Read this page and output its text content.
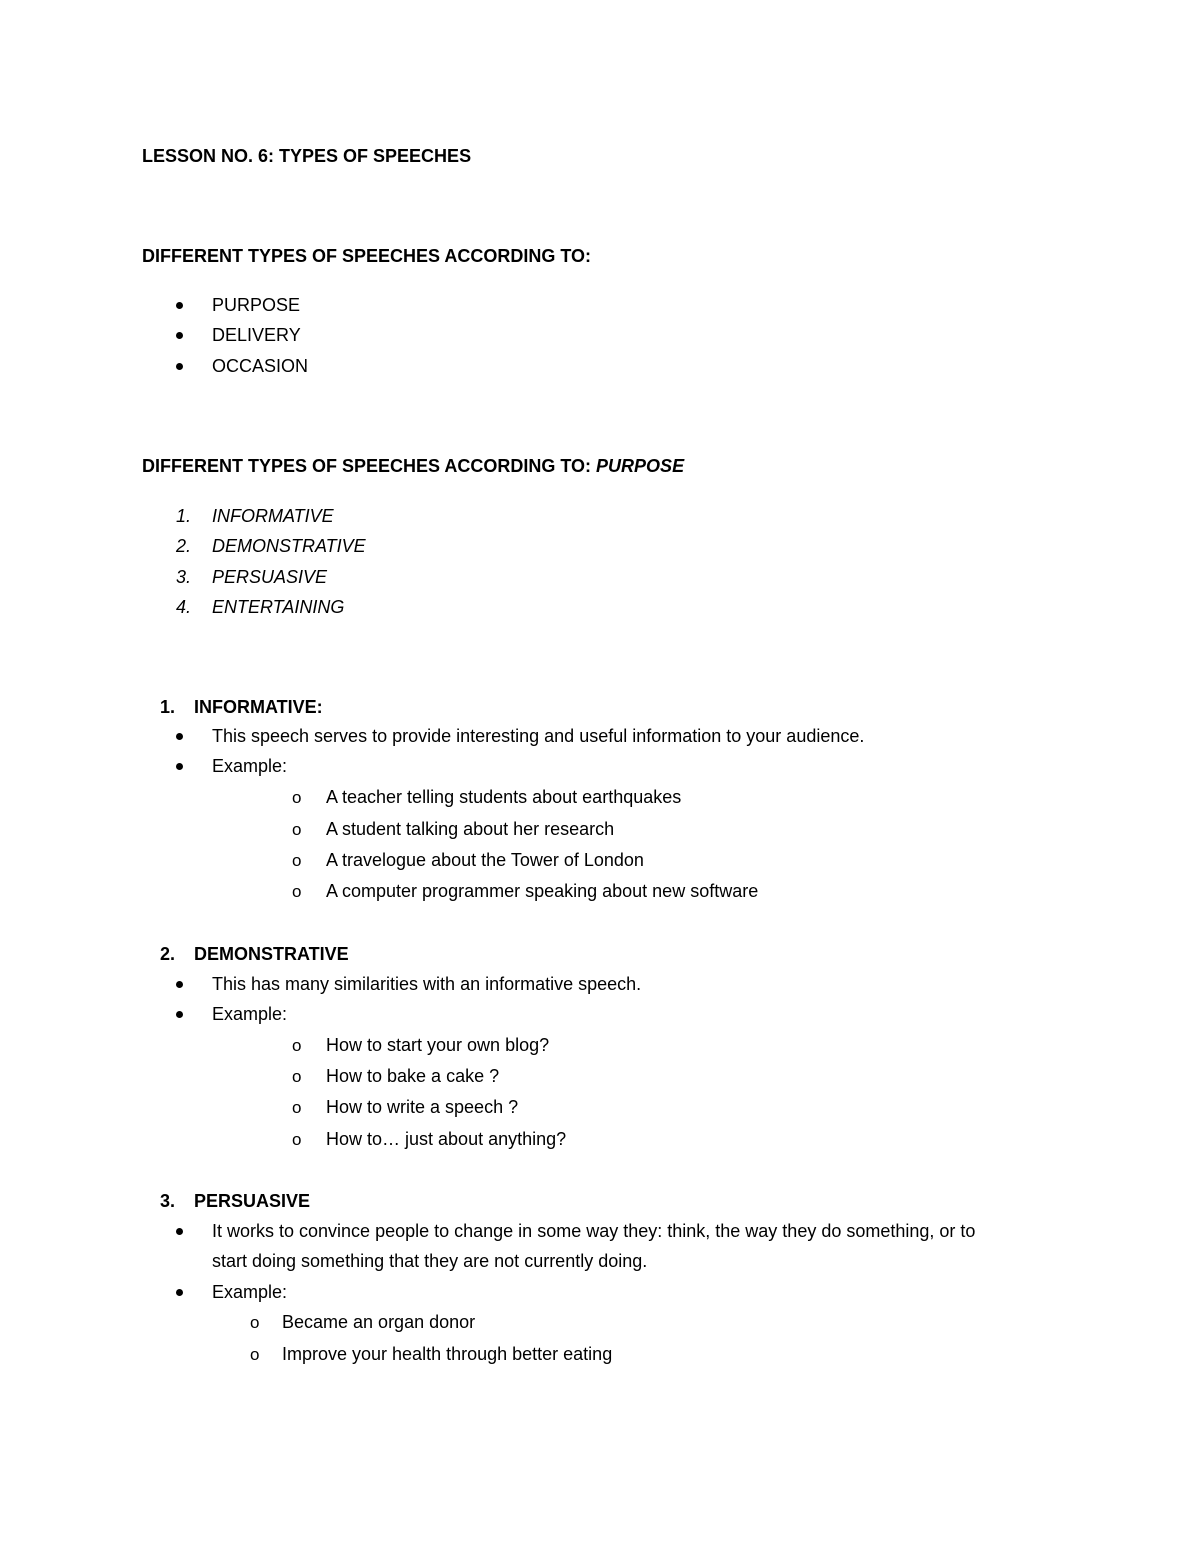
LESSON NO. 6: TYPES OF SPEECHES
DIFFERENT TYPES OF SPEECHES ACCORDING TO:
PURPOSE
DELIVERY
OCCASION
DIFFERENT TYPES OF SPEECHES ACCORDING TO: PURPOSE
1. INFORMATIVE
2. DEMONSTRATIVE
3. PERSUASIVE
4. ENTERTAINING
1. INFORMATIVE:
This speech serves to provide interesting and useful information to your audience.
Example:
o A teacher telling students about earthquakes
o A student talking about her research
o A travelogue about the Tower of London
o A computer programmer speaking about new software
2. DEMONSTRATIVE
This has many similarities with an informative speech.
Example:
o How to start your own blog?
o How to bake a cake ?
o How to write a speech ?
o How to… just about anything?
3. PERSUASIVE
It works to convince people to change in some way they: think, the way they do something, or to
start doing something that they are not currently doing.
Example:
o Became an organ donor
o Improve your health through better eating
